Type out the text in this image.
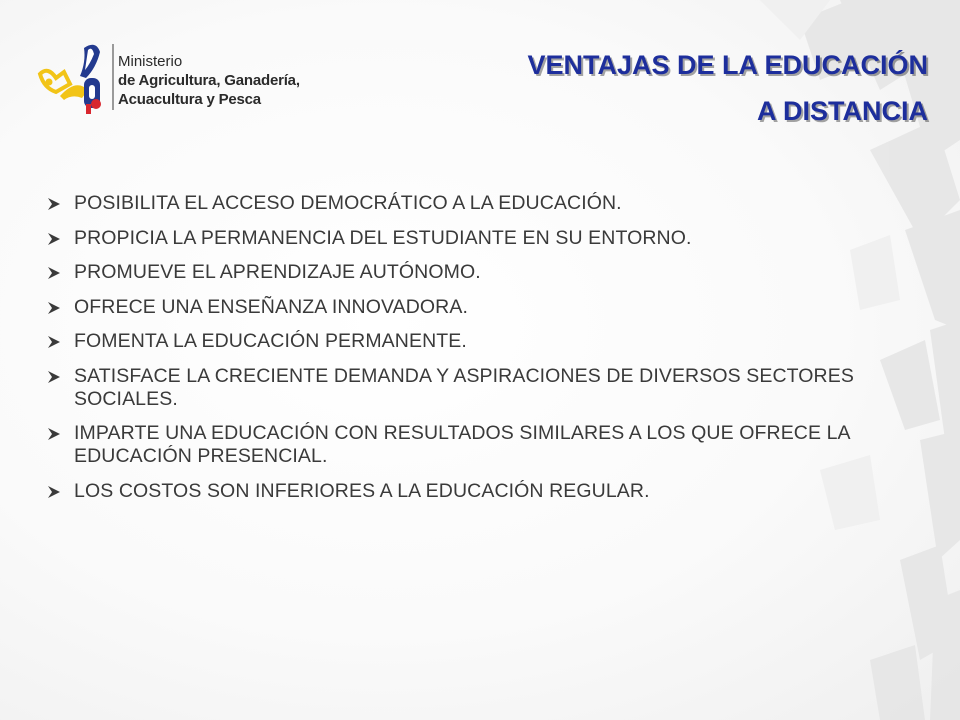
Ministerio
de Agricultura, Ganadería,
Acuacultura y Pesca
VENTAJAS DE LA EDUCACIÓN
A DISTANCIA
POSIBILITA EL ACCESO DEMOCRÁTICO A LA EDUCACIÓN.
PROPICIA LA PERMANENCIA DEL ESTUDIANTE EN SU ENTORNO.
PROMUEVE EL APRENDIZAJE AUTÓNOMO.
OFRECE UNA ENSEÑANZA INNOVADORA.
FOMENTA LA EDUCACIÓN PERMANENTE.
SATISFACE LA CRECIENTE DEMANDA Y ASPIRACIONES DE DIVERSOS SECTORES SOCIALES.
IMPARTE UNA EDUCACIÓN CON RESULTADOS SIMILARES A LOS QUE OFRECE LA EDUCACIÓN PRESENCIAL.
LOS COSTOS SON INFERIORES A LA EDUCACIÓN REGULAR.
